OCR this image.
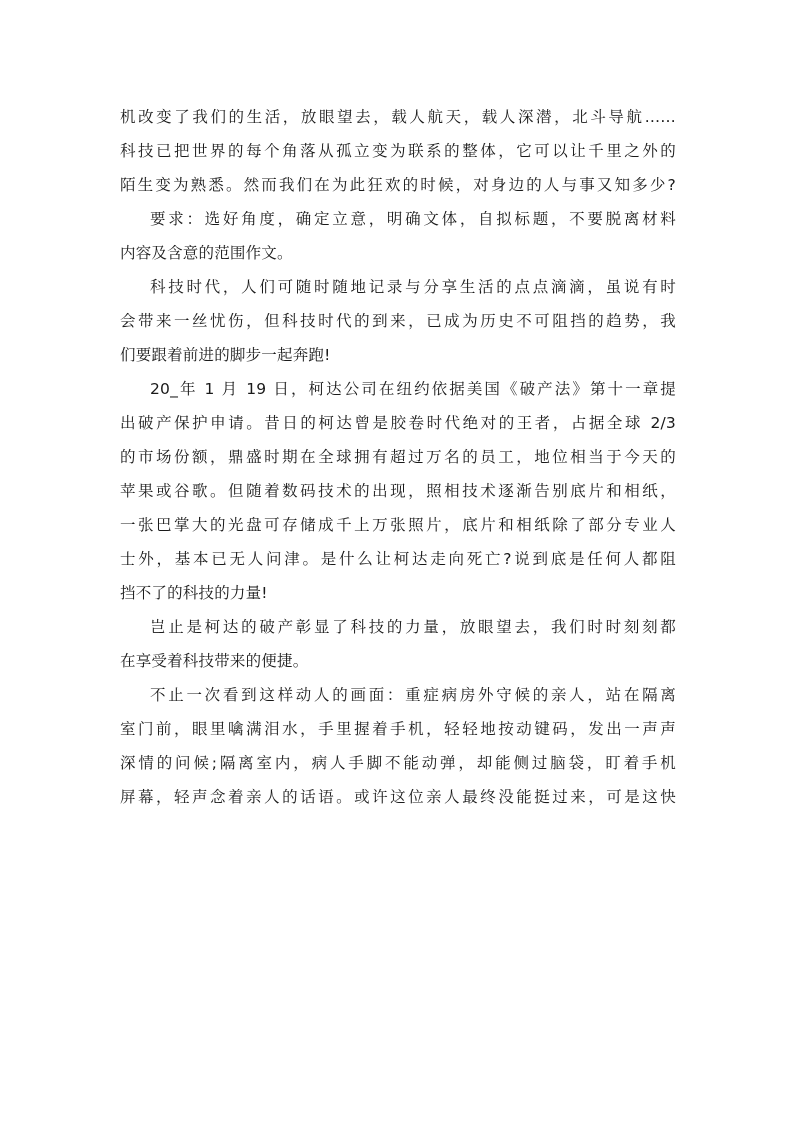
机改变了我们的生活，放眼望去，载人航天，载人深潜，北斗导航……
科技已把世界的每个角落从孤立变为联系的整体，它可以让千里之外的
陌生变为熟悉。然而我们在为此狂欢的时候，对身边的人与事又知多少?
要求：选好角度，确定立意，明确文体，自拟标题，不要脱离材料
内容及含意的范围作文。
科技时代，人们可随时随地记录与分享生活的点点滴滴，虽说有时
会带来一丝忧伤，但科技时代的到来，已成为历史不可阻挡的趋势，我
们要跟着前进的脚步一起奔跑!
20_年 1 月 19 日，柯达公司在纽约依据美国《破产法》第十一章提
出破产保护申请。昔日的柯达曾是胶卷时代绝对的王者，占据全球 2/3
的市场份额，鼎盛时期在全球拥有超过万名的员工，地位相当于今天的
苹果或谷歌。但随着数码技术的出现，照相技术逐渐告别底片和相纸，
一张巴掌大的光盘可存储成千上万张照片，底片和相纸除了部分专业人
士外，基本已无人问津。是什么让柯达走向死亡?说到底是任何人都阻
挡不了的科技的力量!
岂止是柯达的破产彰显了科技的力量，放眼望去，我们时时刻刻都
在享受着科技带来的便捷。
不止一次看到这样动人的画面：重症病房外守候的亲人，站在隔离
室门前，眼里噙满泪水，手里握着手机，轻轻地按动键码，发出一声声
深情的问候;隔离室内，病人手脚不能动弹，却能侧过脑袋，盯着手机
屏幕，轻声念着亲人的话语。或许这位亲人最终没能挺过来，可是这快
